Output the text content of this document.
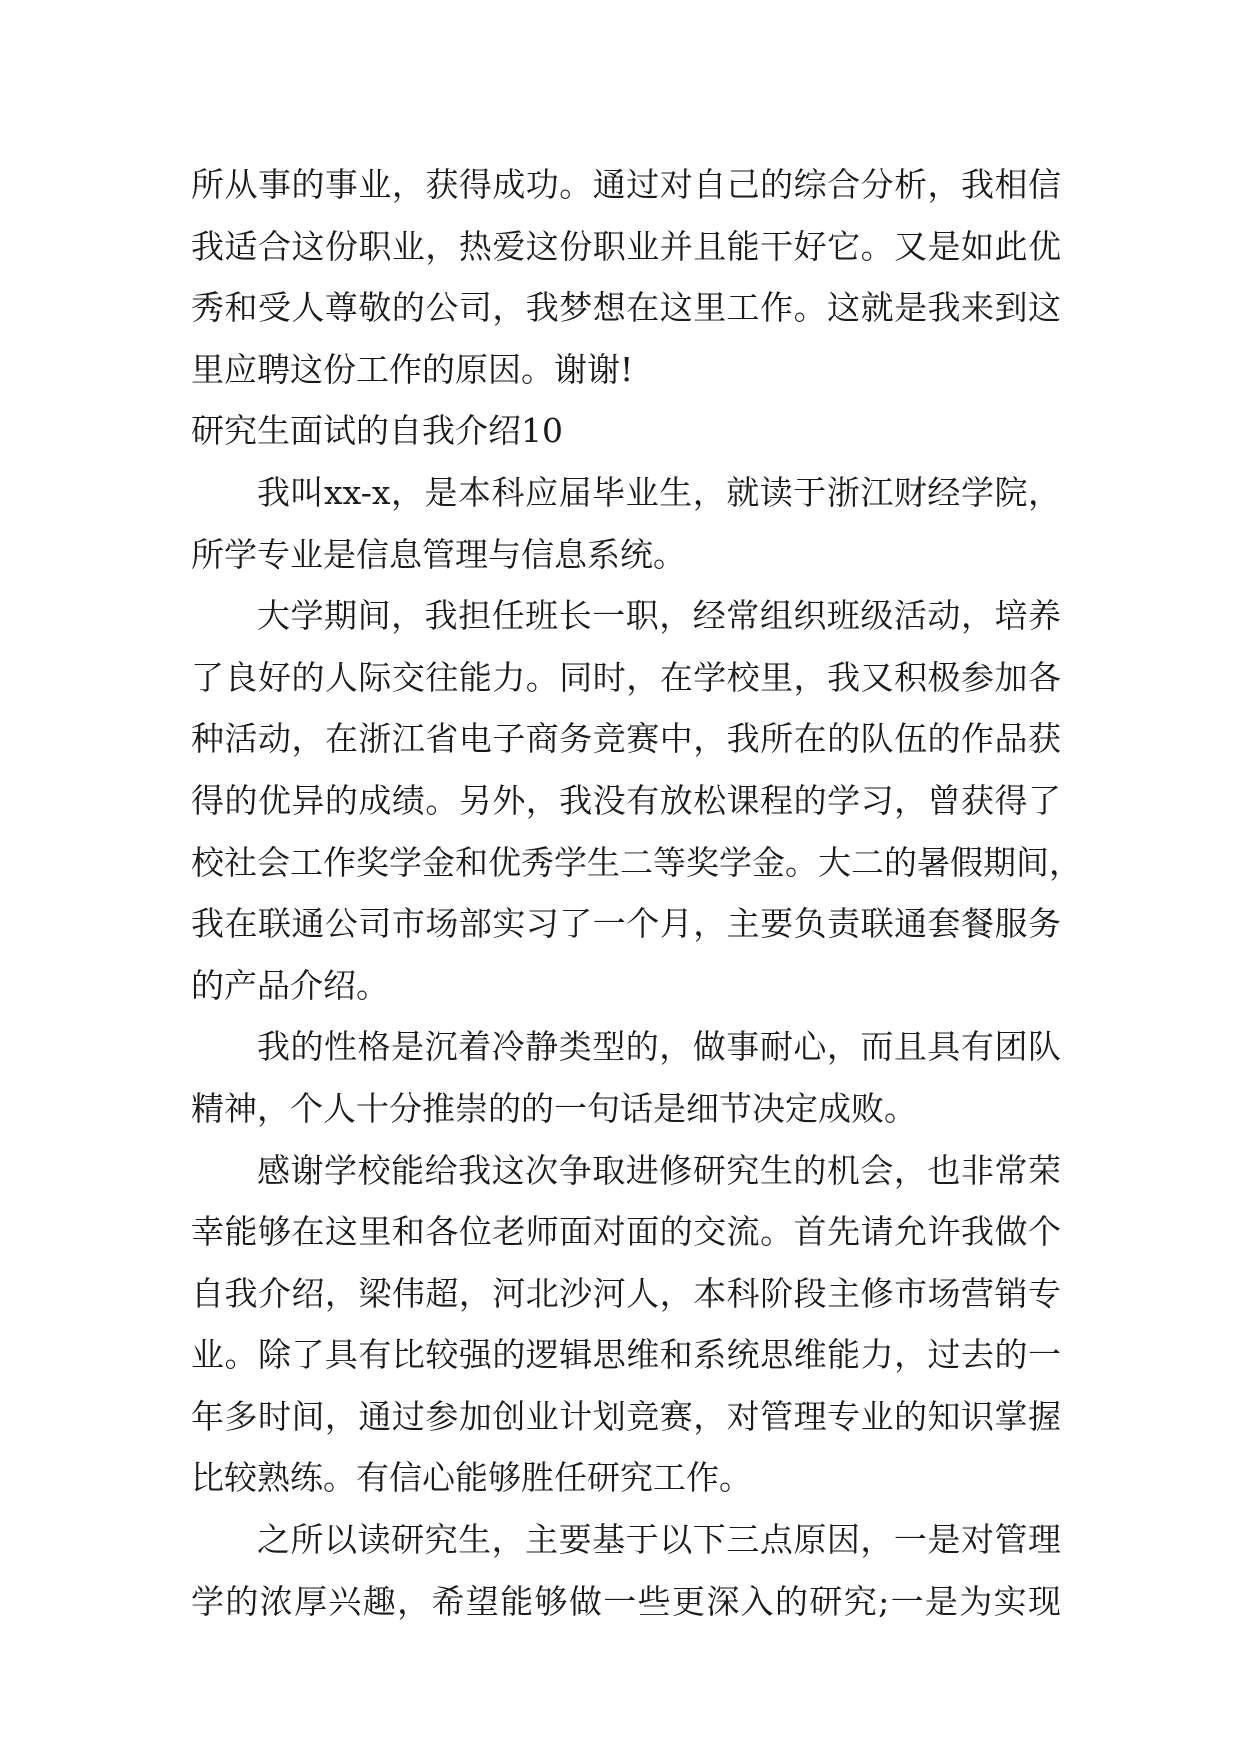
所从事的事业，获得成功。通过对自己的综合分析，我相信
我适合这份职业，热爱这份职业并且能干好它。又是如此优
秀和受人尊敬的公司，我梦想在这里工作。这就是我来到这
里应聘这份工作的原因。谢谢!
研究生面试的自我介绍10
我叫xx-x，是本科应届毕业生，就读于浙江财经学院，
所学专业是信息管理与信息系统。
大学期间，我担任班长一职，经常组织班级活动，培养
了良好的人际交往能力。同时，在学校里，我又积极参加各
种活动，在浙江省电子商务竞赛中，我所在的队伍的作品获
得的优异的成绩。另外，我没有放松课程的学习，曾获得了
校社会工作奖学金和优秀学生二等奖学金。大二的暑假期间，
我在联通公司市场部实习了一个月，主要负责联通套餐服务
的产品介绍。
我的性格是沉着冷静类型的，做事耐心，而且具有团队
精神，个人十分推崇的的一句话是细节决定成败。
感谢学校能给我这次争取进修研究生的机会，也非常荣
幸能够在这里和各位老师面对面的交流。首先请允许我做个
自我介绍，梁伟超，河北沙河人，本科阶段主修市场营销专
业。除了具有比较强的逻辑思维和系统思维能力，过去的一
年多时间，通过参加创业计划竞赛，对管理专业的知识掌握
比较熟练。有信心能够胜任研究工作。
之所以读研究生，主要基于以下三点原因，一是对管理
学的浓厚兴趣，希望能够做一些更深入的研究;一是为实现
